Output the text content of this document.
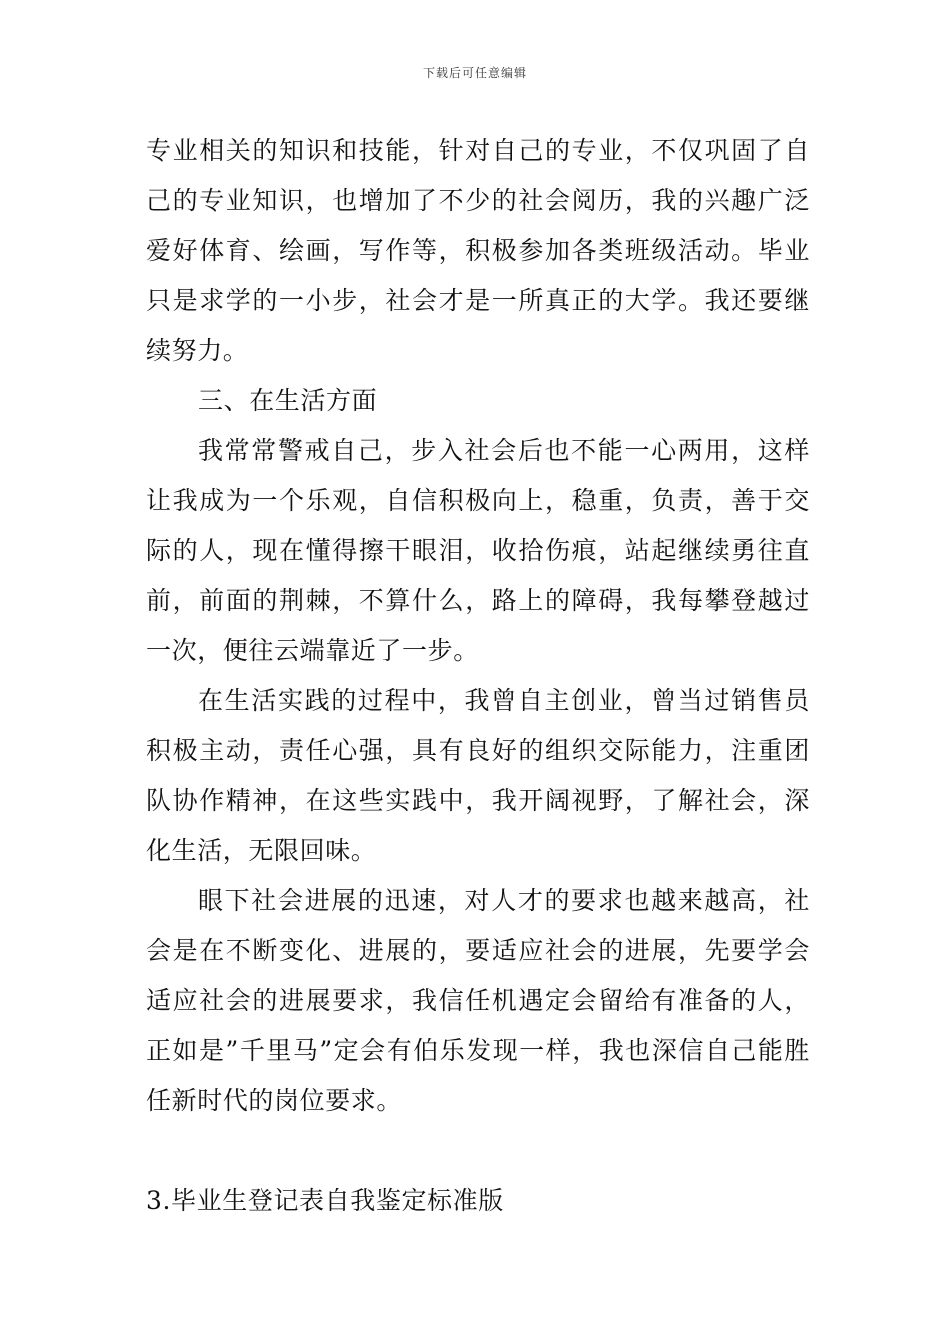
下载后可任意编辑

专业相关的知识和技能，针对自己的专业，不仅巩固了自己的专业知识，也增加了不少的社会阅历，我的兴趣广泛爱好体育、绘画，写作等，积极参加各类班级活动。毕业只是求学的一小步，社会才是一所真正的大学。我还要继续努力。

三、在生活方面

我常常警戒自己，步入社会后也不能一心两用，这样让我成为一个乐观，自信积极向上，稳重，负责，善于交际的人，现在懂得擦干眼泪，收拾伤痕，站起继续勇往直前，前面的荆棘，不算什么，路上的障碍，我每攀登越过一次，便往云端靠近了一步。

在生活实践的过程中，我曾自主创业，曾当过销售员积极主动，责任心强，具有良好的组织交际能力，注重团队协作精神，在这些实践中，我开阔视野，了解社会，深化生活，无限回味。

眼下社会进展的迅速，对人才的要求也越来越高，社会是在不断变化、进展的，要适应社会的进展，先要学会适应社会的进展要求，我信任机遇定会留给有准备的人，正如是”千里马”定会有伯乐发现一样，我也深信自己能胜任新时代的岗位要求。

3.毕业生登记表自我鉴定标准版
